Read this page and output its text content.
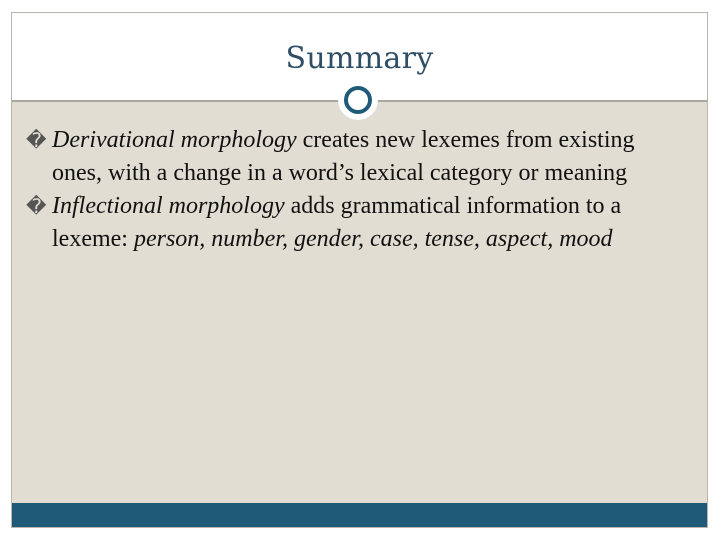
Summary

� Derivational morphology creates new lexemes from existing ones, with a change in a word’s lexical category or meaning

� Inflectional morphology adds grammatical information to a lexeme: person, number, gender, case, tense, aspect, mood
